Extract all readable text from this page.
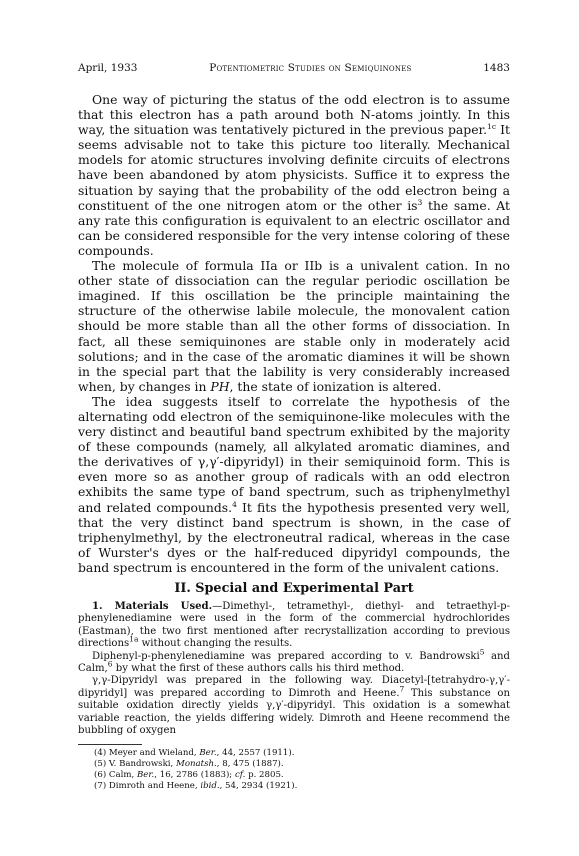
April, 1933	Potentiometric Studies on Semiquinones	1483

One way of picturing the status of the odd electron is to assume that this electron has a path around both N-atoms jointly. In this way, the situation was tentatively pictured in the previous paper.$^{1c}$ It seems advisable not to take this picture too literally. Mechanical models for atomic structures involving definite circuits of electrons have been abandoned by atom physicists. Suffice it to express the situation by saying that the probability of the odd electron being a constituent of the one nitrogen atom or the other $is^3$ the same. At any rate this configuration is equivalent to an electric oscillator and can be considered responsible for the very intense coloring of these compounds.

The molecule of formula IIa or IIb is a univalent cation. In no other state of dissociation can the regular periodic oscillation be imagined. If this oscillation be the principle maintaining the structure of the otherwise labile molecule, the monovalent cation should be more stable than all the other forms of dissociation. In fact, all these semiquinones are stable only in moderately acid solutions; and in the case of the aromatic diamines it will be shown in the special part that the lability is very considerably increased when, by changes in PH, the state of ionization is altered.

The idea suggests itself to correlate the hypothesis of the alternating odd electron of the semiquinone-like molecules with the very distinct and beautiful band spectrum exhibited by the majority of these compounds (namely, all alkylated aromatic diamines, and the derivatives of γ,γ′-dipyridyl) in their semiquinoid form. This is even more so as another group of radicals with an odd electron exhibits the same type of band spectrum, such as triphenylmethyl and related compounds.$^4$ It fits the hypothesis presented very well, that the very distinct band spectrum is shown, in the case of triphenylmethyl, by the electroneutral radical, whereas in the case of Wurster's dyes or the half-reduced dipyridyl compounds, the band spectrum is encountered in the form of the univalent cations.

II. Special and Experimental Part

1. Materials Used.—Dimethyl-, tetramethyl-, diethyl- and tetraethyl-p-phenylenediamine were used in the form of the commercial hydrochlorides (Eastman), the two first mentioned after recrystallization according to previous directions$^{1a}$ without changing the results.

Diphenyl-p-phenylenediamine was prepared according to v. Bandrowski$^5$ and Calm,$^6$ by what the first of these authors calls his third method.

γ,γ-Dipyridyl was prepared in the following way. Diacetyl-[tetrahydro-γ,γ′-dipyridyl] was prepared according to Dimroth and Heene.$^7$ This substance on suitable oxidation directly yields γ,γ′-dipyridyl. This oxidation is a somewhat variable reaction, the yields differing widely. Dimroth and Heene recommend the bubbling of oxygen

(4) Meyer and Wieland, Ber., 44, 2557 (1911).
(5) V. Bandrowski, Monatsh., 8, 475 (1887).
(6) Calm, Ber., 16, 2786 (1883); cf. p. 2805.
(7) Dimroth and Heene, ibid., 54, 2934 (1921).
